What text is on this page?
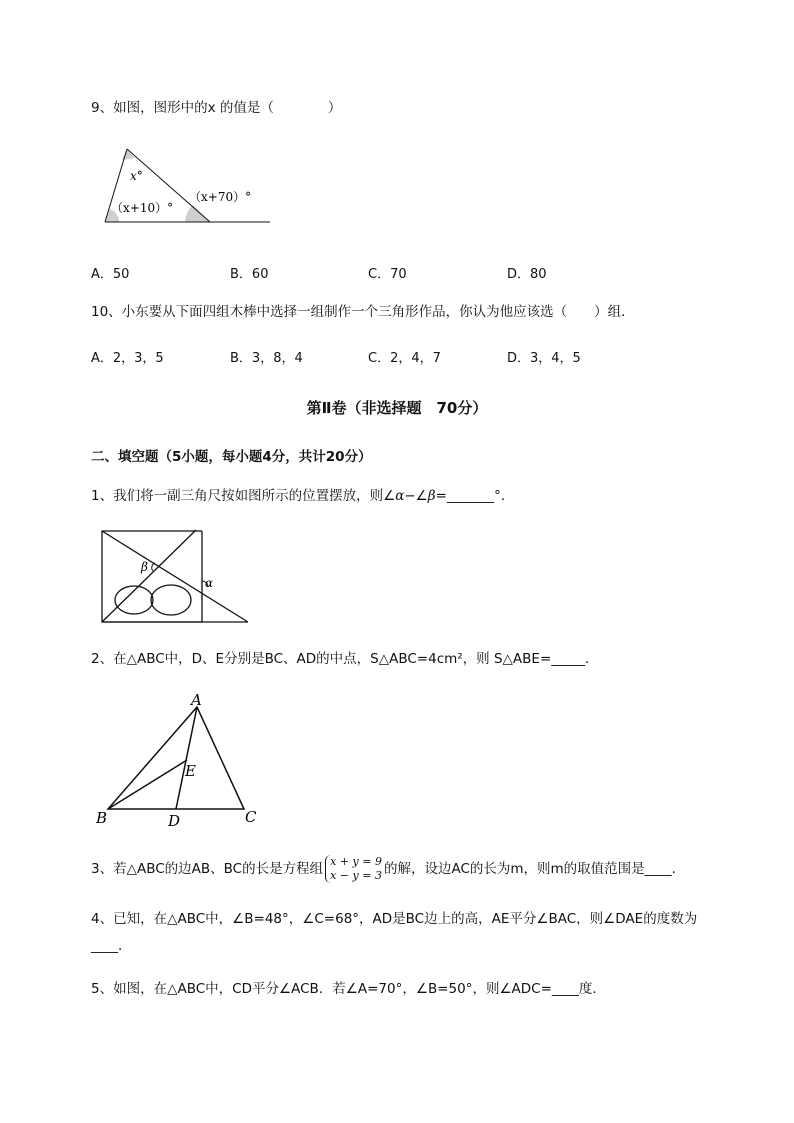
9、如图，图形中的x 的值是（　　　　）
x°
（x+10）°
（x+70）°
A．50	B．60	C．70	D．80
10、小东要从下面四组木棒中选择一组制作一个三角形作品，你认为他应该选（　　）组．
A．2，3，5	B．3，8，4	C．2，4，7	D．3，4，5
第Ⅱ卷（非选择题　70分）
二、填空题（5小题，每小题4分，共计20分）
1、我们将一副三角尺按如图所示的位置摆放，则∠α−∠β=_______°．
β
α
2、在△ABC中，D、E分别是BC、AD的中点，S△ABC=4cm²，则 S△ABE=_____．
A
B	C
D
E
3、若△ABC的边AB、BC的长是方程组 x + y = 9
x − y = 3 的解，设边AC的长为m，则m的取值范围是____．
4、已知，在△ABC中，∠B=48°，∠C=68°，AD是BC边上的高，AE平分∠BAC，则∠DAE的度数为
____．
5、如图，在△ABC中，CD平分∠ACB．若∠A=70°，∠B=50°，则∠ADC=____度．
